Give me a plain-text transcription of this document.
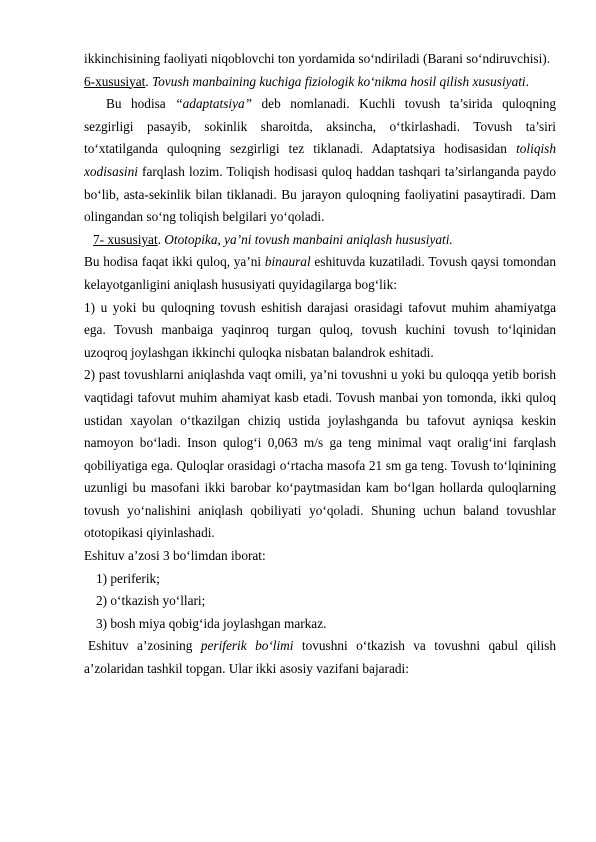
ikkinchisining faoliyati niqoblovchi ton yordamida so‘ndiriladi (Barani so‘ndiruvchisi).

6-xususiyat. Tovush manbaining kuchiga fiziologik ko‘nikma hosil qilish xususiyati.

Bu hodisa “adaptatsiya” deb nomlanadi. Kuchli tovush ta’sirida quloqning sezgirligi pasayib, sokinlik sharoitda, aksincha, o‘tkirlashadi. Tovush ta’siri to‘xtatilganda quloqning sezgirligi tez tiklanadi. Adaptatsiya hodisasidan toliqish xodisasini farqlash lozim. Toliqish hodisasi quloq haddan tashqari ta’sirlanganda paydo bo‘lib, asta-sekinlik bilan tiklanadi. Bu jarayon quloqning faoliyatini pasaytiradi. Dam olingandan so‘ng toliqish belgilari yo‘qoladi.

7- xususiyat. Ototopika, ya’ni tovush manbaini aniqlash hususiyati.

Bu hodisa faqat ikki quloq, ya’ni binaural eshituvda kuzatiladi. Tovush qaysi tomondan kelayotganligini aniqlash hususiyati quyidagilarga bog‘lik:

1) u yoki bu quloqning tovush eshitish darajasi orasidagi tafovut muhim ahamiyatga ega. Tovush manbaiga yaqinroq turgan quloq, tovush kuchini tovush to‘lqinidan uzoqroq joylashgan ikkinchi quloqka nisbatan balandrok eshitadi.

2) past tovushlarni aniqlashda vaqt omili, ya’ni tovushni u yoki bu quloqqa yetib borish vaqtidagi tafovut muhim ahamiyat kasb etadi. Tovush manbai yon tomonda, ikki quloq ustidan xayolan o‘tkazilgan chiziq ustida joylashganda bu tafovut ayniqsa keskin namoyon bo‘ladi. Inson qulog‘i 0,063 m/s ga teng minimal vaqt oralig‘ini farqlash qobiliyatiga ega. Quloqlar orasidagi o‘rtacha masofa 21 sm ga teng. Tovush to‘lqinining uzunligi bu masofani ikki barobar ko‘paytmasidan kam bo‘lgan hollarda quloqlarning tovush yo‘nalishini aniqlash qobiliyati yo‘qoladi. Shuning uchun baland tovushlar ototopikasi qiyinlashadi.

Eshituv a’zosi 3 bo‘limdan iborat:

1) periferik;

2) o‘tkazish yo‘llari;

3) bosh miya qobig‘ida joylashgan markaz.

Eshituv a’zosining periferik bo‘limi tovushni o‘tkazish va tovushni qabul qilish a’zolaridan tashkil topgan. Ular ikki asosiy vazifani bajaradi:
